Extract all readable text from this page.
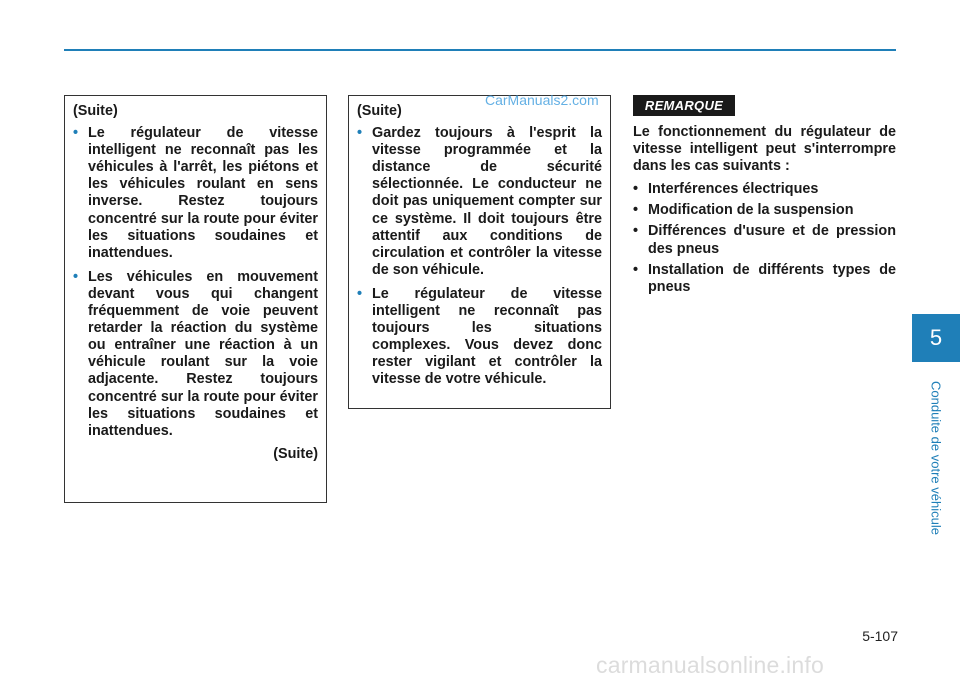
(Suite)
• Le régulateur de vitesse intelligent ne reconnaît pas les véhicules à l'arrêt, les piétons et les véhicules roulant en sens inverse. Restez toujours concentré sur la route pour éviter les situations soudaines et inattendues.
• Les véhicules en mouvement devant vous qui changent fréquemment de voie peuvent retarder la réaction du système ou entraîner une réaction à un véhicule roulant sur la voie adjacente. Restez toujours concentré sur la route pour éviter les situations soudaines et inattendues.
(Suite)
(Suite)
• Gardez toujours à l'esprit la vitesse programmée et la distance de sécurité sélectionnée. Le conducteur ne doit pas uniquement compter sur ce système. Il doit toujours être attentif aux conditions de circulation et contrôler la vitesse de son véhicule.
• Le régulateur de vitesse intelligent ne reconnaît pas toujours les situations complexes. Vous devez donc rester vigilant et contrôler la vitesse de votre véhicule.
CarManuals2.com	REMARQUE

Le fonctionnement du régulateur de vitesse intelligent peut s'interrompre dans les cas suivants :

• Interférences électriques
• Modification de la suspension
• Différences d'usure et de pression des pneus
• Installation de différents types de pneus
5
Conduite de votre véhicule
5-107
carmanualsonline.info
